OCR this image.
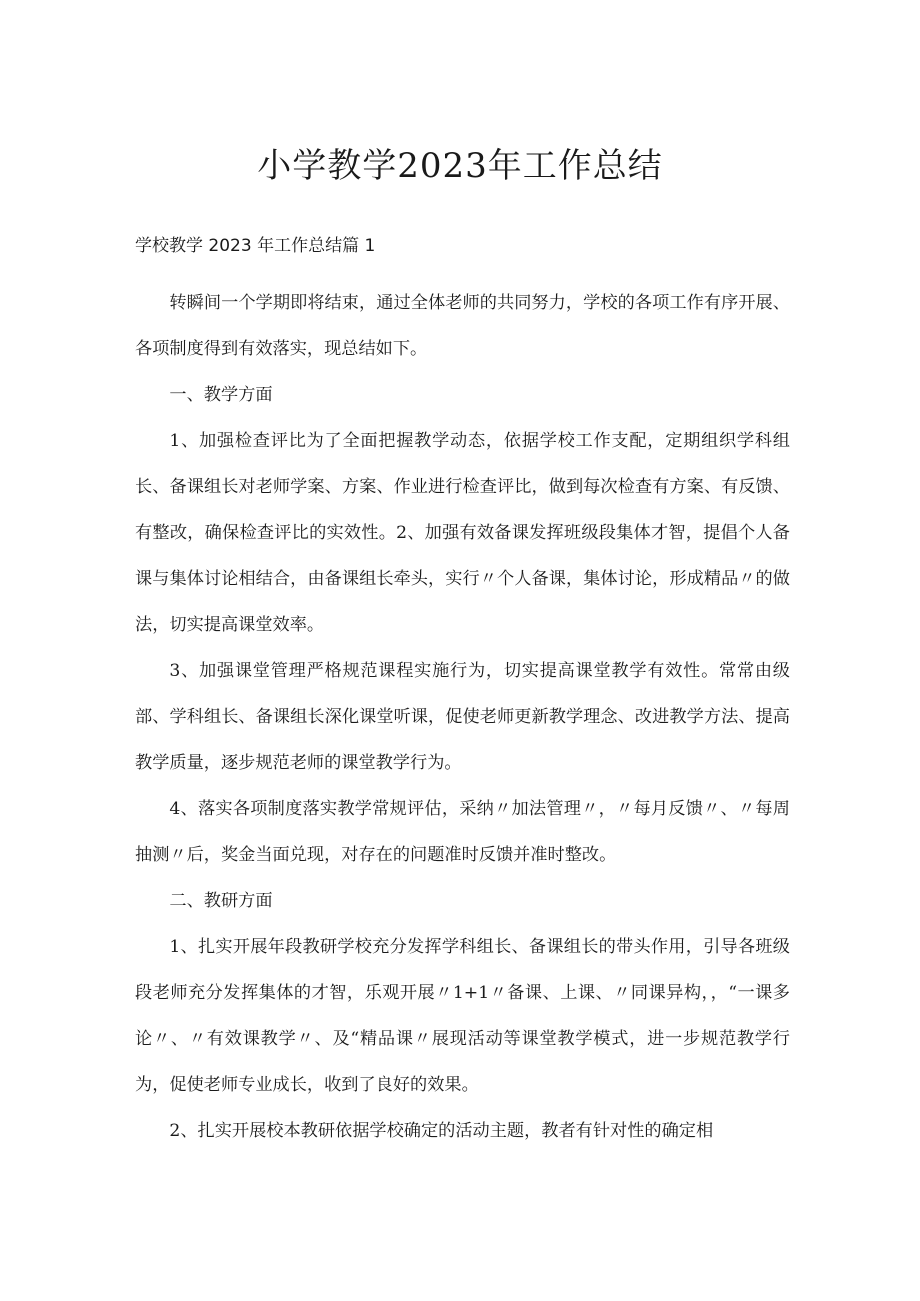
小学教学2023年工作总结

学校教学 2023 年工作总结篇 1

转瞬间一个学期即将结束，通过全体老师的共同努力，学校的各项工作有序开展、各项制度得到有效落实，现总结如下。

一、教学方面

1、加强检查评比为了全面把握教学动态，依据学校工作支配，定期组织学科组长、备课组长对老师学案、方案、作业进行检查评比，做到每次检查有方案、有反馈、有整改，确保检查评比的实效性。2、加强有效备课发挥班级段集体才智，提倡个人备课与集体讨论相结合，由备课组长牵头，实行〃个人备课，集体讨论，形成精品〃的做法，切实提高课堂效率。

3、加强课堂管理严格规范课程实施行为，切实提高课堂教学有效性。常常由级部、学科组长、备课组长深化课堂听课，促使老师更新教学理念、改进教学方法、提高教学质量，逐步规范老师的课堂教学行为。

4、落实各项制度落实教学常规评估，采纳〃加法管理〃，〃每月反馈〃、〃每周抽测〃后，奖金当面兑现，对存在的问题准时反馈并准时整改。

二、教研方面

1、扎实开展年段教研学校充分发挥学科组长、备课组长的带头作用，引导各班级段老师充分发挥集体的才智，乐观开展〃1+1〃备课、上课、〃同课异构，，“一课多论〃、〃有效课教学〃、及“精品课〃展现活动等课堂教学模式，进一步规范教学行为，促使老师专业成长，收到了良好的效果。

2、扎实开展校本教研依据学校确定的活动主题，教者有针对性的确定相
